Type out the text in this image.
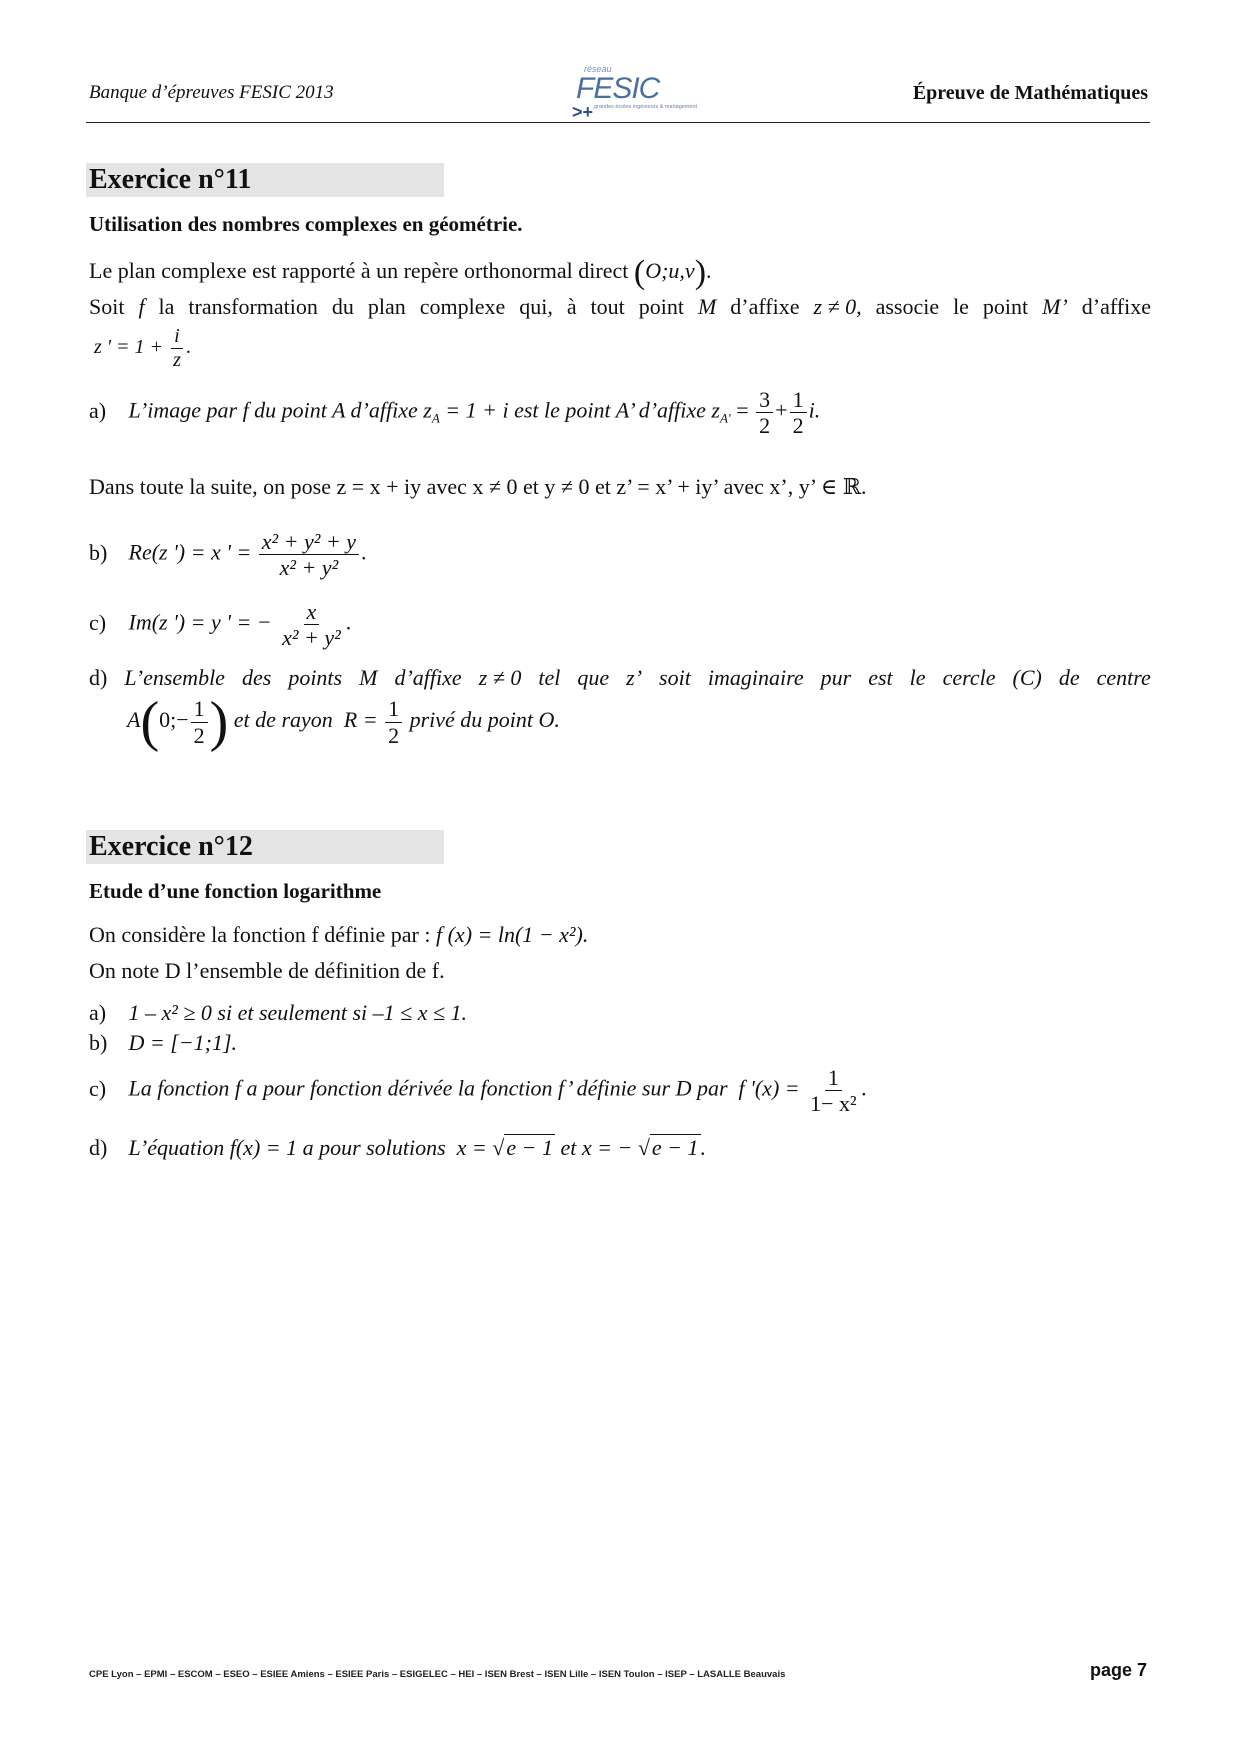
Banque d’épreuves FESIC 2013
réseau
FESIC
>+ grandes écoles ingénieurs & management
Épreuve de Mathématiques
Exercice n°11
Utilisation des nombres complexes en géométrie.
Le plan complexe est rapporté à un repère orthonormal direct (O;u,v).
Soit f la transformation du plan complexe qui, à tout point M d’affixe z ≠ 0, associe le point M’ d’affixe
z ' = $1 + \frac{i}{z}$ .
a) L’image par f du point A d’affixe $z_A = 1 + i$ est le point A’ d’affixe $z_{A'} = \frac{3}{2} + \frac{1}{2} i$.
Dans toute la suite, on pose z = x + iy avec x ≠ 0 et y ≠ 0 et z’ = x’ + iy’ avec x’, y’ ∈ ℝ.
b) Re(z ') = x ' = $\frac{\text{x² + y² + y}}{\text{x² + y²}}$ .
c) Im(z ') = y ' = − $\frac{x}{\text{x² + y²}}$ .
d) L’ensemble des points M d’affixe z ≠ 0 tel que z’ soit imaginaire pur est le cercle (C) de centre
A(0;− $\frac{1}{2}$ ) et de rayon $R = \frac{1}{2}$ privé du point O.
Exercice n°12
Etude d’une fonction logarithme
On considère la fonction f définie par : f (x) = ln(1 − x²).
On note D l’ensemble de définition de f.
a) 1 – x² ≥ 0 si et seulement si –1 ≤ x ≤ 1.
b) D = [−1;1].
c) La fonction f a pour fonction dérivée la fonction f’ définie sur D par f '$(x) = \frac{1}{\text{1− x²}}$ .
d) L’équation f(x) = 1 a pour solutions x = √e − 1 et x = − √e − 1.
CPE Lyon – EPMI – ESCOM – ESEO – ESIEE Amiens – ESIEE Paris – ESIGELEC – HEI – ISEN Brest – ISEN Lille – ISEN Toulon – ISEP – LASALLE Beauvais	page 7
